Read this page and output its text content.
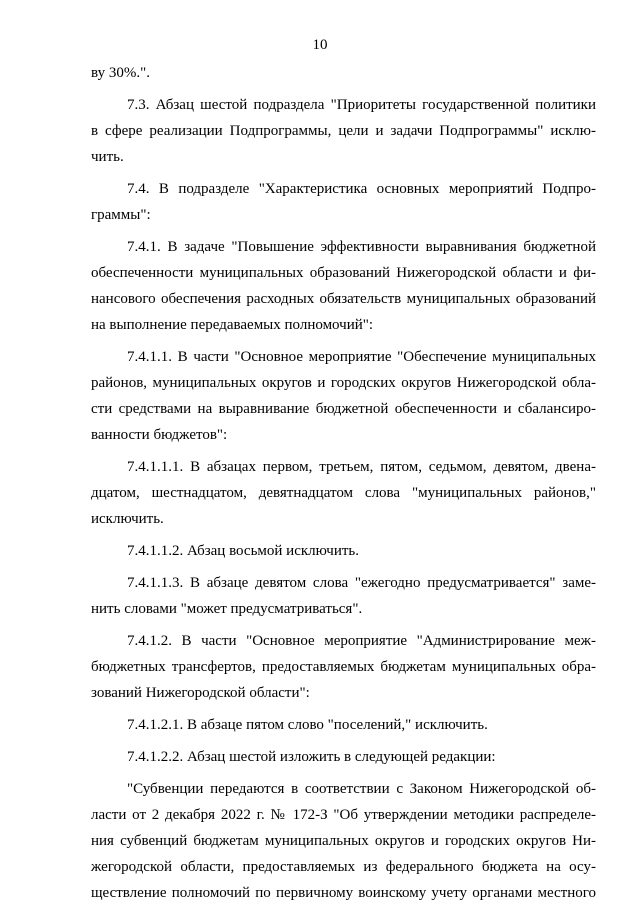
10
ву 30%.".
7.3. Абзац шестой подраздела "Приоритеты государственной политики
в сфере реализации Подпрограммы, цели и задачи Подпрограммы" исклю-
чить.
7.4. В подразделе "Характеристика основных мероприятий Подпро-
граммы":
7.4.1. В задаче "Повышение эффективности выравнивания бюджетной
обеспеченности муниципальных образований Нижегородской области и фи-
нансового обеспечения расходных обязательств муниципальных образований
на выполнение передаваемых полномочий":
7.4.1.1. В части "Основное мероприятие "Обеспечение муниципальных
районов, муниципальных округов и городских округов Нижегородской обла-
сти средствами на выравнивание бюджетной обеспеченности и сбалансиро-
ванности бюджетов":
7.4.1.1.1. В абзацах первом, третьем, пятом, седьмом, девятом, двена-
дцатом, шестнадцатом, девятнадцатом слова "муниципальных районов,"
исключить.
7.4.1.1.2. Абзац восьмой исключить.
7.4.1.1.3. В абзаце девятом слова "ежегодно предусматривается" заме-
нить словами "может предусматриваться".
7.4.1.2. В части "Основное мероприятие "Администрирование меж-
бюджетных трансфертов, предоставляемых бюджетам муниципальных обра-
зований Нижегородской области":
7.4.1.2.1. В абзаце пятом слово "поселений," исключить.
7.4.1.2.2. Абзац шестой изложить в следующей редакции:
"Субвенции передаются в соответствии с Законом Нижегородской об-
ласти от 2 декабря 2022 г. № 172-З "Об утверждении методики распределе-
ния субвенций бюджетам муниципальных округов и городских округов Ни-
жегородской области, предоставляемых из федерального бюджета на осу-
ществление полномочий по первичному воинскому учету органами местного
